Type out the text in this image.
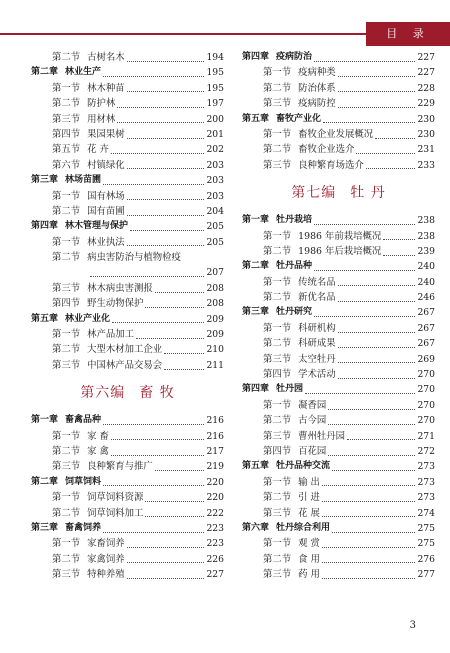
目 录
第二节 古树名木	194
第二章 林业生产	195
第一节 林木种苗	195
第二节 防护林	197
第三节 用材林	200
第四节 果园果树	201
第五节 花 卉	202
第六节 村镇绿化	203
第三章 林场苗圃	203
第一节 国有林场	203
第二节 国有苗圃	204
第四章 林木管理与保护	205
第一节 林业执法	205
第二节 病虫害防治与植物检疫
207
第三节 林木病虫害测报	208
第四节 野生动物保护	208
第五章 林业产业化	209
第一节 林产品加工	209
第二节 大型木材加工企业	210
第三节 中国林产品交易会	211
第六编 畜 牧
第一章 畜禽品种	216
第一节 家 畜	216
第二节 家 禽	217
第三节 良种繁育与推广	219
第二章 饲草饲料	220
第一节 饲草饲料资源	220
第二节 饲草饲料加工	222
第三章 畜禽饲养	223
第一节 家畜饲养	223
第二节 家禽饲养	226
第三节 特种养殖	227
第四章 疫病防治	227
第一节 疫病种类	227
第二节 防治体系	228
第三节 疫病防控	229
第五章 畜牧产业化	230
第一节 畜牧企业发展概况	230
第二节 畜牧企业选介	231
第三节 良种繁育场选介	233
第七编 牡 丹
第一章 牡丹栽培	238
第一节 1986 年前栽培概况	238
第二节 1986 年后栽培概况	239
第二章 牡丹品种	240
第一节 传统名品	240
第二节 新优名品	246
第三章 牡丹研究	267
第一节 科研机构	267
第二节 科研成果	267
第三节 太空牡丹	269
第四节 学术活动	270
第四章 牡丹园	270
第一节 凝香园	270
第二节 古今园	270
第三节 曹州牡丹园	271
第四节 百花园	272
第五章 牡丹品种交流	273
第一节 输 出	273
第二节 引 进	273
第三节 花 展	274
第六章 牡丹综合利用	275
第一节 观 赏	275
第二节 食 用	276
第三节 药 用	277
3
